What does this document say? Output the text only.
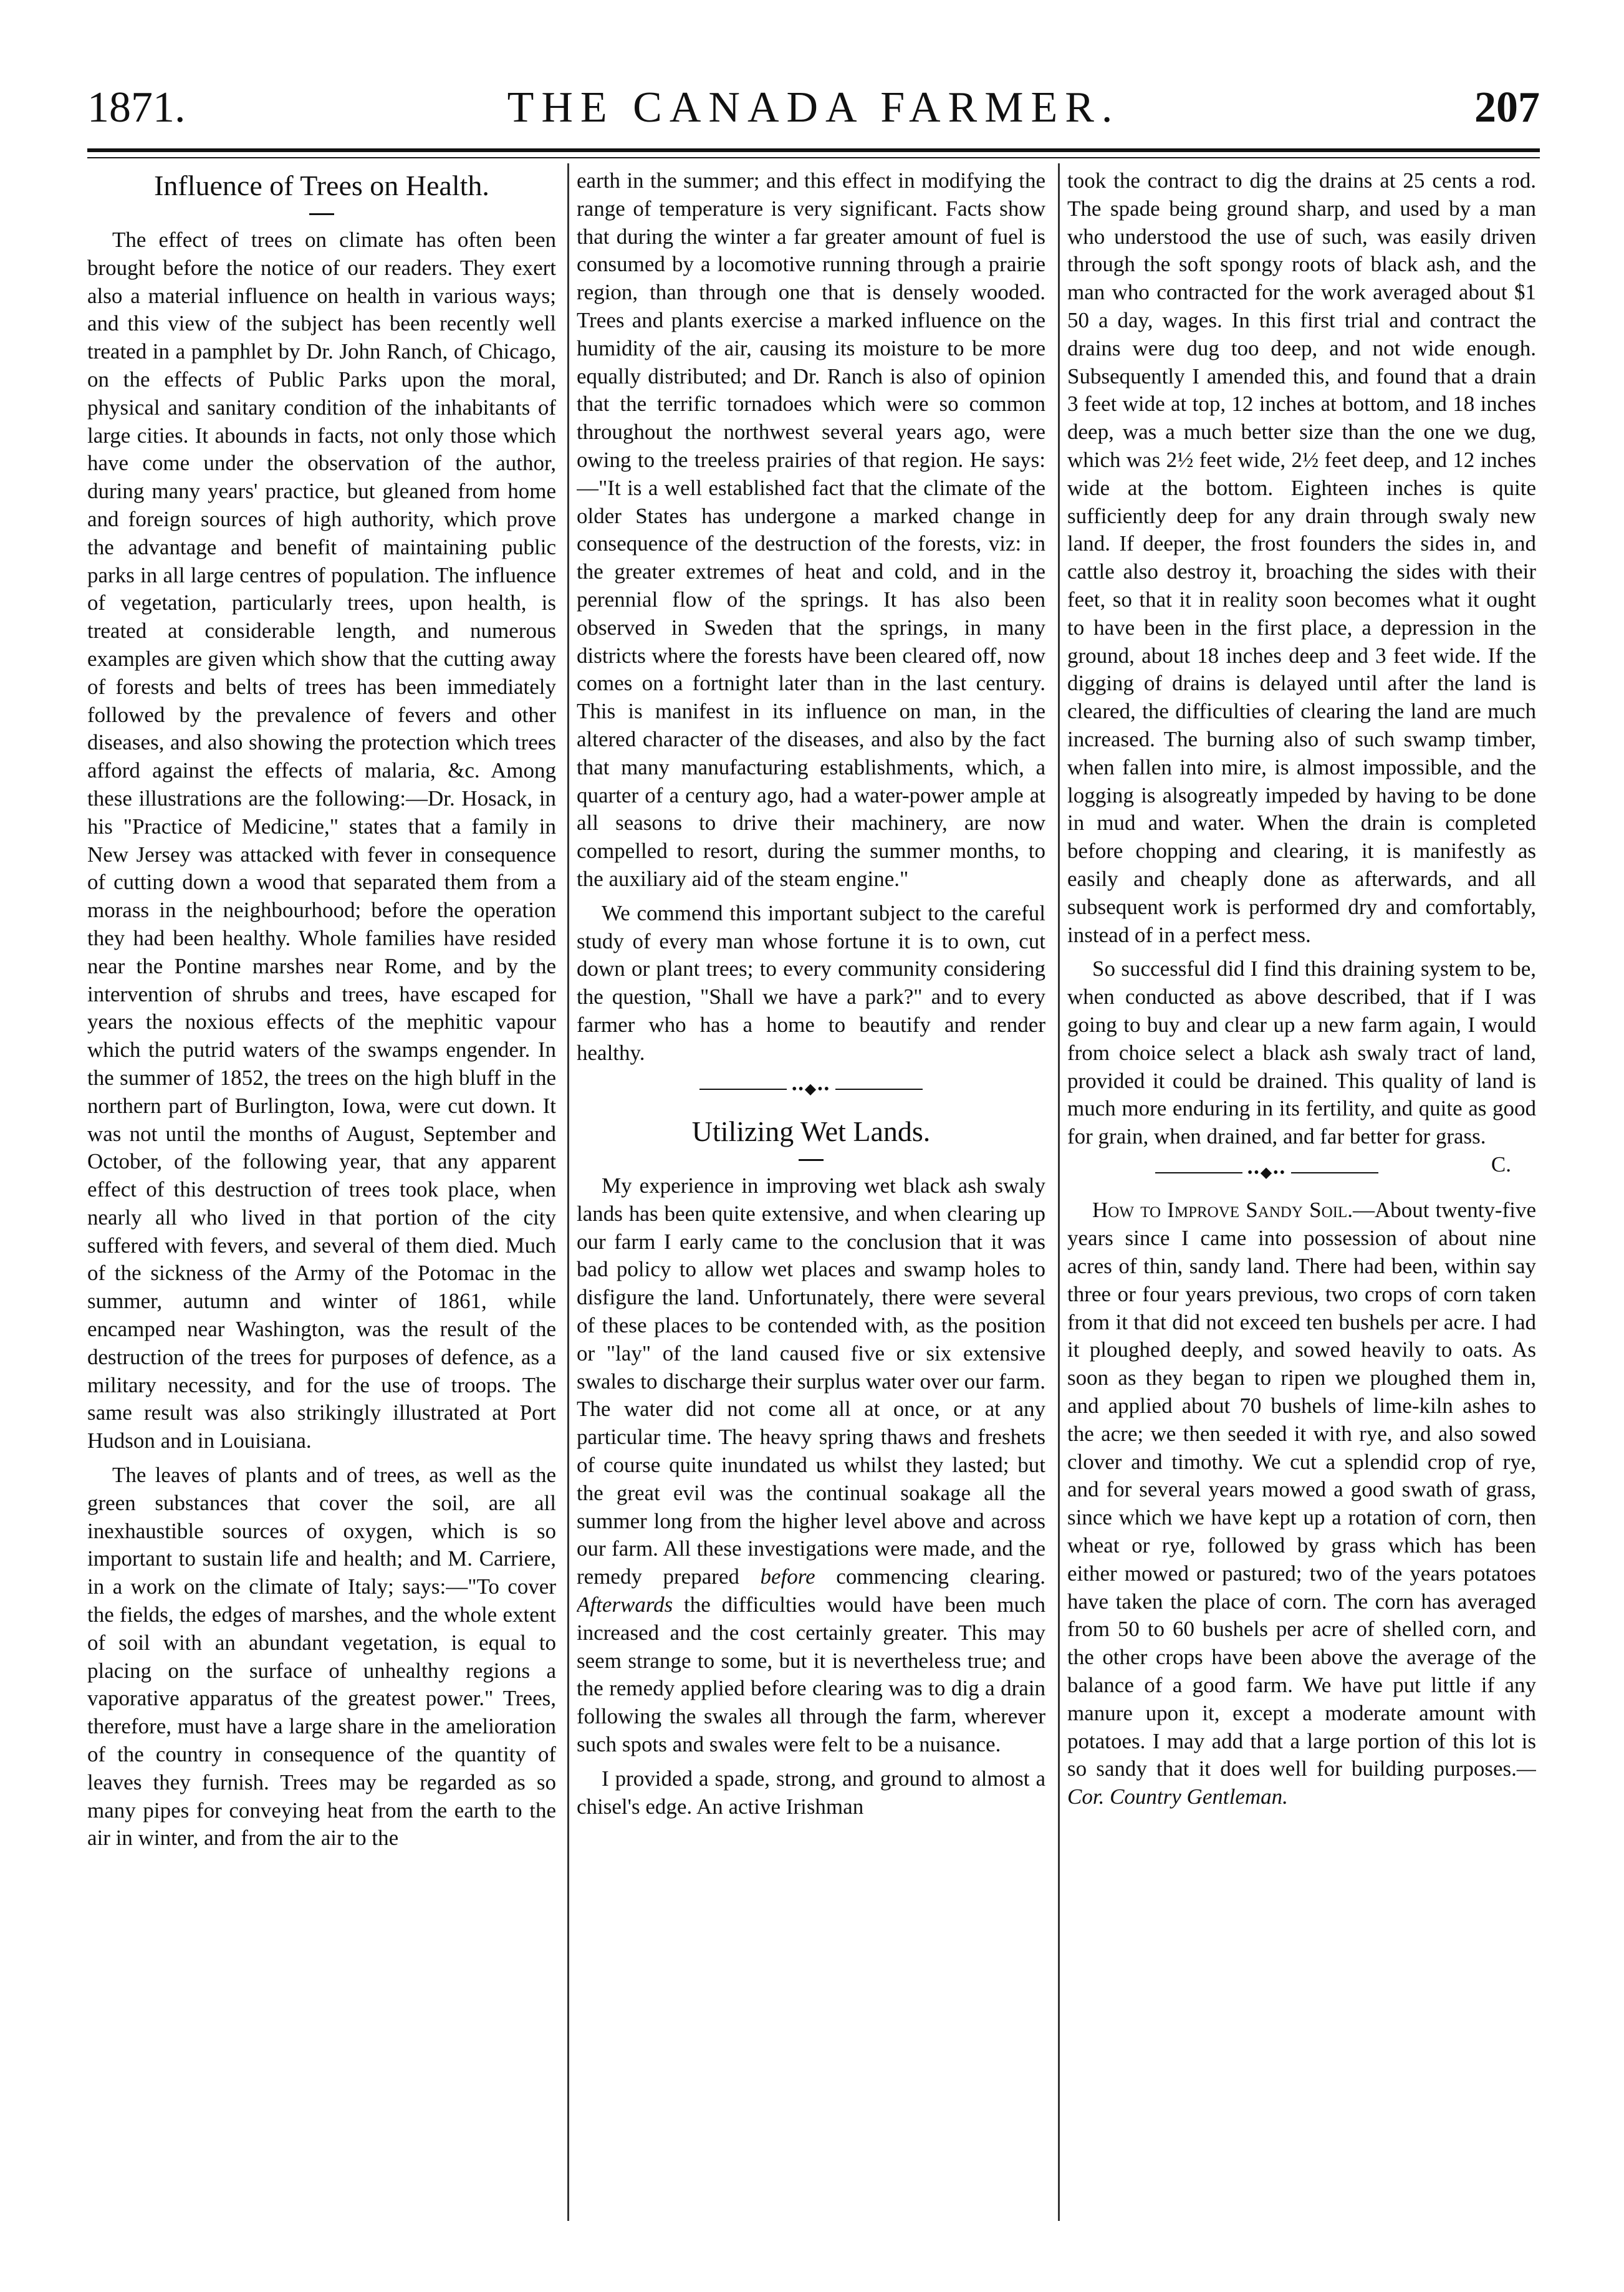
1871.	THE CANADA FARMER.	207
Influence of Trees on Health.

The effect of trees on climate has often been brought before the notice of our readers. They exert also a material influence on health in various ways; and this view of the subject has been recently well treated in a pamphlet by Dr. John Ranch, of Chicago, on the effects of Public Parks upon the moral, physical and sanitary condition of the inhabitants of large cities. It abounds in facts, not only those which have come under the observation of the author, during many years' practice, but gleaned from home and foreign sources of high authority, which prove the advantage and benefit of maintaining public parks in all large centres of population. The influence of vegetation, particularly trees, upon health, is treated at considerable length, and numerous examples are given which show that the cutting away of forests and belts of trees has been immediately followed by the prevalence of fevers and other diseases, and also showing the protection which trees afford against the effects of malaria, &c. Among these illustrations are the following:—Dr. Hosack, in his "Practice of Medicine," states that a family in New Jersey was attacked with fever in consequence of cutting down a wood that separated them from a morass in the neighbourhood; before the operation they had been healthy. Whole families have resided near the Pontine marshes near Rome, and by the intervention of shrubs and trees, have escaped for years the noxious effects of the mephitic vapour which the putrid waters of the swamps engender. In the summer of 1852, the trees on the high bluff in the northern part of Burlington, Iowa, were cut down. It was not until the months of August, September and October, of the following year, that any apparent effect of this destruction of trees took place, when nearly all who lived in that portion of the city suffered with fevers, and several of them died. Much of the sickness of the Army of the Potomac in the summer, autumn and winter of 1861, while encamped near Washington, was the result of the destruction of the trees for purposes of defence, as a military necessity, and for the use of troops. The same result was also strikingly illustrated at Port Hudson and in Louisiana.

The leaves of plants and of trees, as well as the green substances that cover the soil, are all inexhaustible sources of oxygen, which is so important to sustain life and health; and M. Carriere, in a work on the climate of Italy; says:—"To cover the fields, the edges of marshes, and the whole extent of soil with an abundant vegetation, is equal to placing on the surface of unhealthy regions a vaporative apparatus of the greatest power." Trees, therefore, must have a large share in the amelioration of the country in consequence of the quantity of leaves they furnish. Trees may be regarded as so many pipes for conveying heat from the earth to the air in winter, and from the air to the

earth in the summer; and this effect in modifying the range of temperature is very significant. Facts show that during the winter a far greater amount of fuel is consumed by a locomotive running through a prairie region, than through one that is densely wooded. Trees and plants exercise a marked influence on the humidity of the air, causing its moisture to be more equally distributed; and Dr. Ranch is also of opinion that the terrific tornadoes which were so common throughout the northwest several years ago, were owing to the treeless prairies of that region. He says:—"It is a well established fact that the climate of the older States has undergone a marked change in consequence of the destruction of the forests, viz: in the greater extremes of heat and cold, and in the perennial flow of the springs. It has also been observed in Sweden that the springs, in many districts where the forests have been cleared off, now comes on a fortnight later than in the last century. This is manifest in its influence on man, in the altered character of the diseases, and also by the fact that many manufacturing establishments, which, a quarter of a century ago, had a water-power ample at all seasons to drive their machinery, are now compelled to resort, during the summer months, to the auxiliary aid of the steam engine."

We commend this important subject to the careful study of every man whose fortune it is to own, cut down or plant trees; to every community considering the question, "Shall we have a park?" and to every farmer who has a home to beautify and render healthy.

••◆••
Utilizing Wet Lands.

My experience in improving wet black ash swaly lands has been quite extensive, and when clearing up our farm I early came to the conclusion that it was bad policy to allow wet places and swamp holes to disfigure the land. Unfortunately, there were several of these places to be contended with, as the position or "lay" of the land caused five or six extensive swales to discharge their surplus water over our farm. The water did not come all at once, or at any particular time. The heavy spring thaws and freshets of course quite inundated us whilst they lasted; but the great evil was the continual soakage all the summer long from the higher level above and across our farm. All these investigations were made, and the remedy prepared before commencing clearing. Afterwards the difficulties would have been much increased and the cost certainly greater. This may seem strange to some, but it is nevertheless true; and the remedy applied before clearing was to dig a drain following the swales all through the farm, wherever such spots and swales were felt to be a nuisance.

I provided a spade, strong, and ground to almost a chisel's edge. An active Irishman

took the contract to dig the drains at 25 cents a rod. The spade being ground sharp, and used by a man who understood the use of such, was easily driven through the soft spongy roots of black ash, and the man who contracted for the work averaged about $1 50 a day, wages. In this first trial and contract the drains were dug too deep, and not wide enough. Subsequently I amended this, and found that a drain 3 feet wide at top, 12 inches at bottom, and 18 inches deep, was a much better size than the one we dug, which was 2½ feet wide, 2½ feet deep, and 12 inches wide at the bottom. Eighteen inches is quite sufficiently deep for any drain through swaly new land. If deeper, the frost founders the sides in, and cattle also destroy it, broaching the sides with their feet, so that it in reality soon becomes what it ought to have been in the first place, a depression in the ground, about 18 inches deep and 3 feet wide. If the digging of drains is delayed until after the land is cleared, the difficulties of clearing the land are much increased. The burning also of such swamp timber, when fallen into mire, is almost impossible, and the logging is alsogreatly impeded by having to be done in mud and water. When the drain is completed before chopping and clearing, it is manifestly as easily and cheaply done as afterwards, and all subsequent work is performed dry and comfortably, instead of in a perfect mess.

So successful did I find this draining system to be, when conducted as above described, that if I was going to buy and clear up a new farm again, I would from choice select a black ash swaly tract of land, provided it could be drained. This quality of land is much more enduring in its fertility, and quite as good for grain, when drained, and far better for grass.
C.

••◆••

How to Improve Sandy Soil.—About twenty-five years since I came into possession of about nine acres of thin, sandy land. There had been, within say three or four years previous, two crops of corn taken from it that did not exceed ten bushels per acre. I had it ploughed deeply, and sowed heavily to oats. As soon as they began to ripen we ploughed them in, and applied about 70 bushels of lime-kiln ashes to the acre; we then seeded it with rye, and also sowed clover and timothy. We cut a splendid crop of rye, and for several years mowed a good swath of grass, since which we have kept up a rotation of corn, then wheat or rye, followed by grass which has been either mowed or pastured; two of the years potatoes have taken the place of corn. The corn has averaged from 50 to 60 bushels per acre of shelled corn, and the other crops have been above the average of the balance of a good farm. We have put little if any manure upon it, except a moderate amount with potatoes. I may add that a large portion of this lot is so sandy that it does well for building purposes.—Cor. Country Gentleman.
